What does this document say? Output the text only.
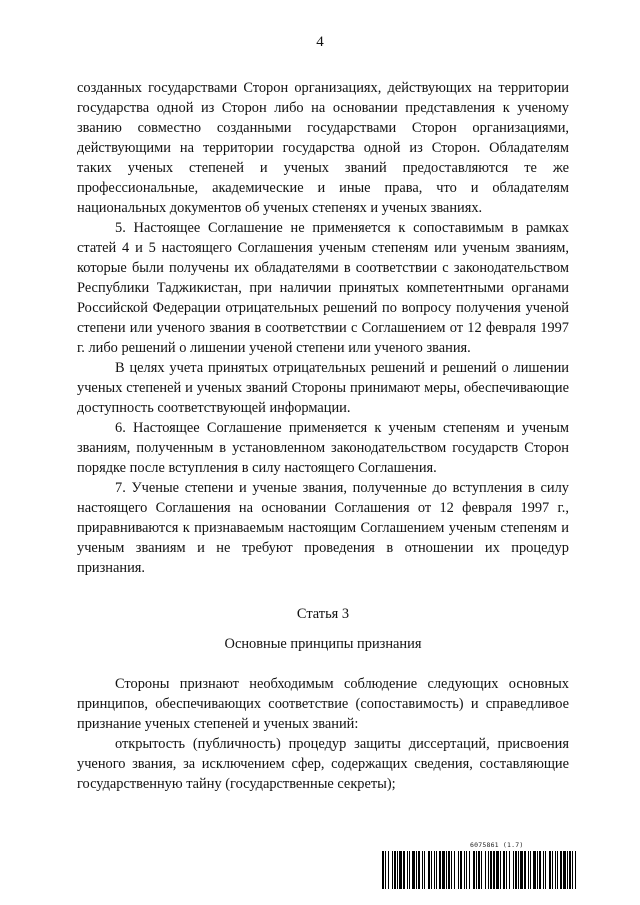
4

созданных государствами Сторон организациях, действующих на территории государства одной из Сторон либо на основании представления к ученому званию совместно созданными государствами Сторон организациями, действующими на территории государства одной из Сторон. Обладателям таких ученых степеней и ученых званий предоставляются те же профессиональные, академические и иные права, что и обладателям национальных документов об ученых степенях и ученых званиях.

5. Настоящее Соглашение не применяется к сопоставимым в рамках статей 4 и 5 настоящего Соглашения ученым степеням или ученым званиям, которые были получены их обладателями в соответствии с законодательством Республики Таджикистан, при наличии принятых компетентными органами Российской Федерации отрицательных решений по вопросу получения ученой степени или ученого звания в соответствии с Соглашением от 12 февраля 1997 г. либо решений о лишении ученой степени или ученого звания.

В целях учета принятых отрицательных решений и решений о лишении ученых степеней и ученых званий Стороны принимают меры, обеспечивающие доступность соответствующей информации.

6. Настоящее Соглашение применяется к ученым степеням и ученым званиям, полученным в установленном законодательством государств Сторон порядке после вступления в силу настоящего Соглашения.

7. Ученые степени и ученые звания, полученные до вступления в силу настоящего Соглашения на основании Соглашения от 12 февраля 1997 г., приравниваются к признаваемым настоящим Соглашением ученым степеням и ученым званиям и не требуют проведения в отношении их процедур признания.

Статья 3

Основные принципы признания

Стороны признают необходимым соблюдение следующих основных принципов, обеспечивающих соответствие (сопоставимость) и справедливое признание ученых степеней и ученых званий:

открытость (публичность) процедур защиты диссертаций, присвоения ученого звания, за исключением сфер, содержащих сведения, составляющие государственную тайну (государственные секреты);

6075861 (1.7)
